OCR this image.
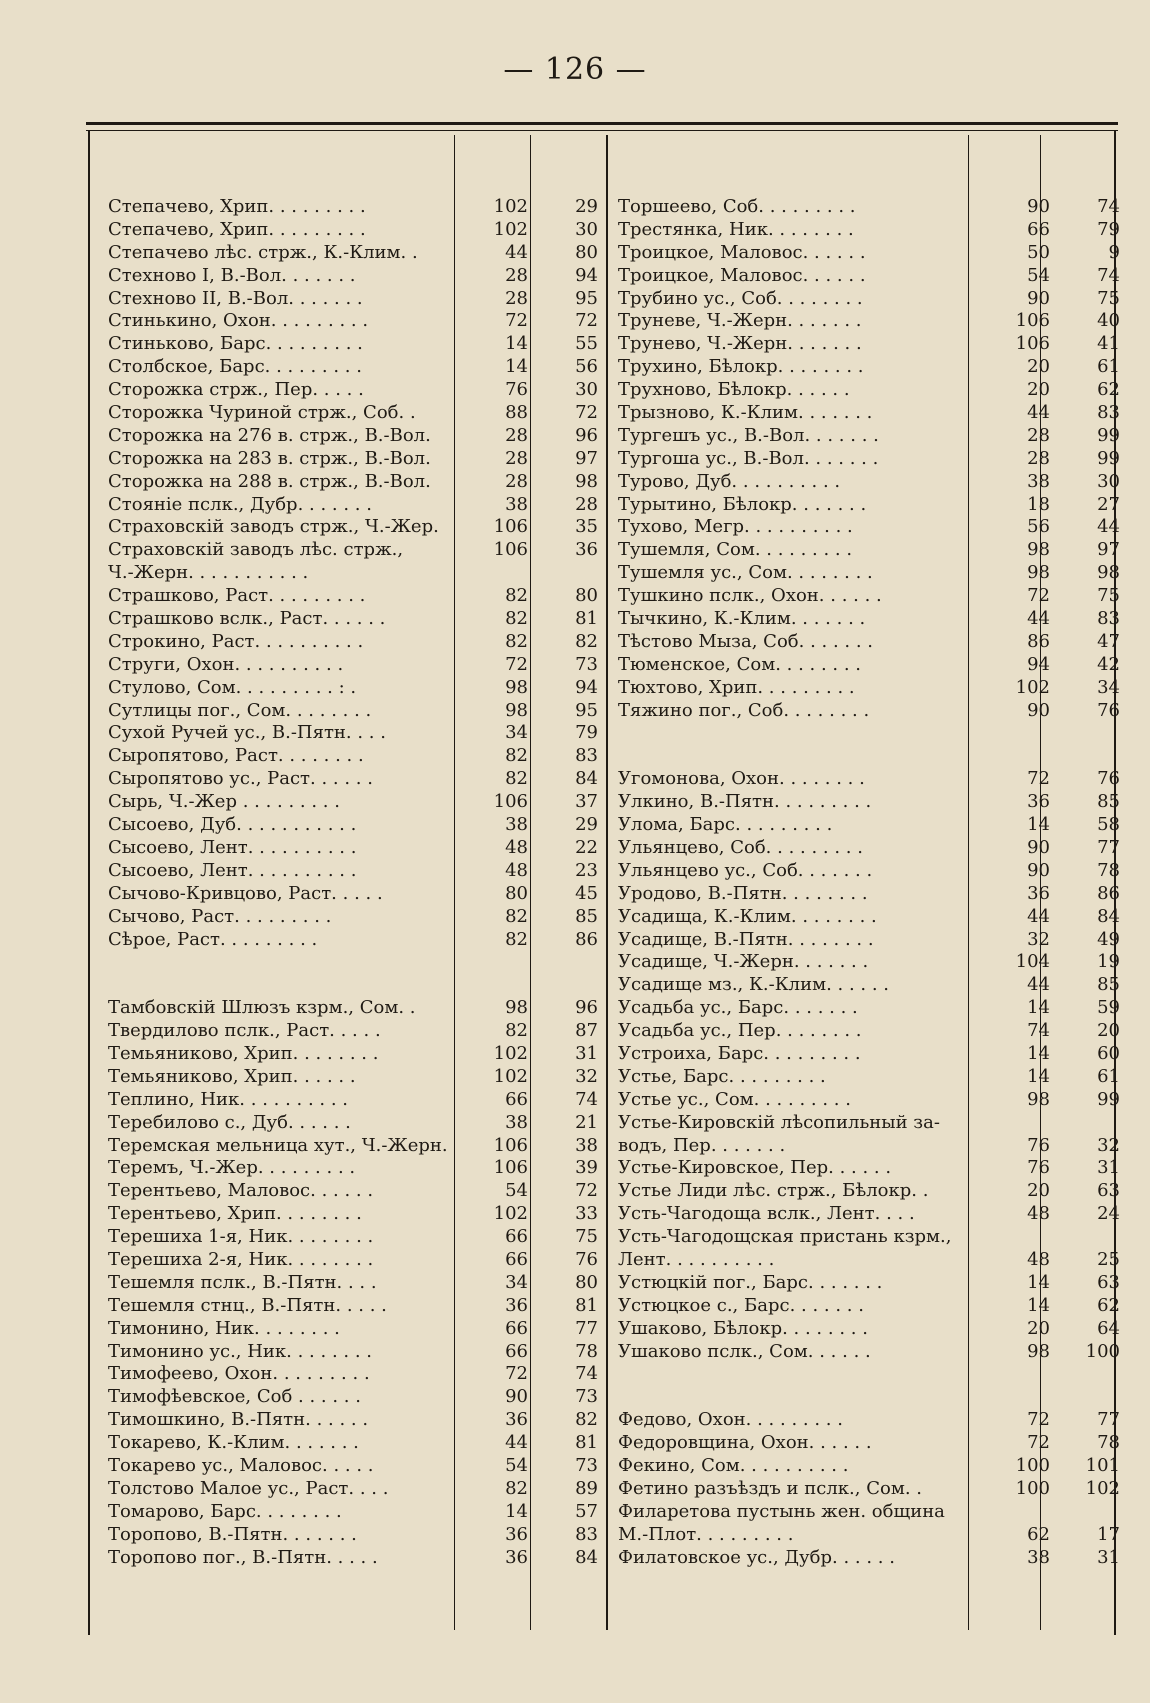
— 126 —
Степачево, Хрип. . . . . . . . .	102	29
Степачево, Хрип. . . . . . . . .	102	30
Степачево лѣс. стрж., К.-Клим. .	44	80
Стехново I, В.-Вол. . . . . . .	28	94
Стехново II, В.-Вол. . . . . . .	28	95
Стинькино, Охон. . . . . . . . .	72	72
Стиньково, Барс. . . . . . . . .	14	55
Столбское, Барс. . . . . . . . .	14	56
Сторожка стрж., Пер. . . . .	76	30
Сторожка Чуриной стрж., Соб. .	88	72
Сторожка на 276 в. стрж., В.-Вол.	28	96
Сторожка на 283 в. стрж., В.-Вол.	28	97
Сторожка на 288 в. стрж., В.-Вол.	28	98
Стояніе пслк., Дубр. . . . . . .	38	28
Страховскій заводъ стрж., Ч.-Жер.	106	35
Страховскій заводъ лѣс. стрж.,	106	36
Ч.-Жерн. . . . . . . . . . .
Страшково, Раст. . . . . . . . .	82	80
Страшково вслк., Раст. . . . . .	82	81
Строкино, Раст. . . . . . . . . .	82	82
Струги, Охон. . . . . . . . . .	72	73
Стулово, Сом. . . . . . . . . : .	98	94
Сутлицы пог., Сом. . . . . . . .	98	95
Сухой Ручей ус., В.-Пятн. . . .	34	79
Сыропятово, Раст. . . . . . . .	82	83
Сыропятово ус., Раст. . . . . .	82	84
Сырь, Ч.-Жер . . . . . . . . .	106	37
Сысоево, Дуб. . . . . . . . . . .	38	29
Сысоево, Лент. . . . . . . . . .	48	22
Сысоево, Лент. . . . . . . . . .	48	23
Сычово-Кривцово, Раст. . . . .	80	45
Сычово, Раст. . . . . . . . .	82	85
Сѣрое, Раст. . . . . . . . .	82	86
Тамбовскій Шлюзъ кзрм., Сом. .	98	96
Твердилово пслк., Раст. . . . .	82	87
Темьяниково, Хрип. . . . . . . .	102	31
Темьяниково, Хрип. . . . . .	102	32
Теплино, Ник. . . . . . . . . .	66	74
Теребилово с., Дуб. . . . . .	38	21
Теремская мельница хут., Ч.-Жерн.	106	38
Теремъ, Ч.-Жер. . . . . . . . .	106	39
Терентьево, Маловос. . . . . .	54	72
Терентьево, Хрип. . . . . . . .	102	33
Терешиха 1-я, Ник. . . . . . . .	66	75
Терешиха 2-я, Ник. . . . . . . .	66	76
Тешемля пслк., В.-Пятн. . . .	34	80
Тешемля стнц., В.-Пятн. . . . .	36	81
Тимонино, Ник. . . . . . . .	66	77
Тимонино ус., Ник. . . . . . . .	66	78
Тимофеево, Охон. . . . . . . . .	72	74
Тимофѣевское, Соб . . . . . .	90	73
Тимошкино, В.-Пятн. . . . . .	36	82
Токарево, К.-Клим. . . . . . .	44	81
Токарево ус., Маловос. . . . .	54	73
Толстово Малое ус., Раст. . . .	82	89
Томарово, Барс. . . . . . . .	14	57
Торопово, В.-Пятн. . . . . . .	36	83
Торопово пог., В.-Пятн. . . . .	36	84
Торшеево, Соб. . . . . . . . .	90	74
Трестянка, Ник. . . . . . . .	66	79
Троицкое, Маловос. . . . . .	50	9
Троицкое, Маловос. . . . . .	54	74
Трубино ус., Соб. . . . . . . .	90	75
Труневе, Ч.-Жерн. . . . . . .	106	40
Трунево, Ч.-Жерн. . . . . . .	106	41
Трухино, Бѣлокр. . . . . . . .	20	61
Трухново, Бѣлокр. . . . . .	20	62
Трызново, К.-Клим. . . . . . .	44	83
Тургешъ ус., В.-Вол. . . . . . .	28	99
Тургоша ус., В.-Вол. . . . . . .	28	99
Турово, Дуб. . . . . . . . . .	38	30
Турытино, Бѣлокр. . . . . . .	18	27
Тухово, Мегр. . . . . . . . . .	56	44
Тушемля, Сом. . . . . . . . .	98	97
Тушемля ус., Сом. . . . . . . .	98	98
Тушкино пслк., Охон. . . . . .	72	75
Тычкино, К.-Клим. . . . . . .	44	83
Тѣстово Мыза, Соб. . . . . . .	86	47
Тюменское, Сом. . . . . . . .	94	42
Тюхтово, Хрип. . . . . . . . .	102	34
Тяжино пог., Соб. . . . . . . .	90	76
Угомонова, Охон. . . . . . . .	72	76
Улкино, В.-Пятн. . . . . . . . .	36	85
Улома, Барс. . . . . . . . .	14	58
Ульянцево, Соб. . . . . . . . .	90	77
Ульянцево ус., Соб. . . . . . .	90	78
Уродово, В.-Пятн. . . . . . . .	36	86
Усадища, К.-Клим. . . . . . . .	44	84
Усадище, В.-Пятн. . . . . . . .	32	49
Усадище, Ч.-Жерн. . . . . . .	104	19
Усадище мз., К.-Клим. . . . . .	44	85
Усадьба ус., Барс. . . . . . .	14	59
Усадьба ус., Пер. . . . . . . .	74	20
Устроиха, Барс. . . . . . . . .	14	60
Устье, Барс. . . . . . . . .	14	61
Устье ус., Сом. . . . . . . . .	98	99
Устье-Кировскій лѣсопильный за-
водъ, Пер. . . . . . .	76	32
Устье-Кировское, Пер. . . . . .	76	31
Устье Лиди лѣс. стрж., Бѣлокр. .	20	63
Усть-Чагодоща вслк., Лент. . . .	48	24
Усть-Чагодощская пристань кзрм.,
Лент. . . . . . . . . .	48	25
Устюцкій пог., Барс. . . . . . .	14	63
Устюцкое с., Барс. . . . . . .	14	62
Ушаково, Бѣлокр. . . . . . . .	20	64
Ушаково пслк., Сом. . . . . .	98	100
Федово, Охон. . . . . . . . .	72	77
Федоровщина, Охон. . . . . .	72	78
Фекино, Сом. . . . . . . . . .	100	101
Фетино разъѣздъ и пслк., Сом. .	100	102
Филаретова пустынь жен. община
М.-Плот. . . . . . . . .	62	17
Филатовское ус., Дубр. . . . . .	38	31
